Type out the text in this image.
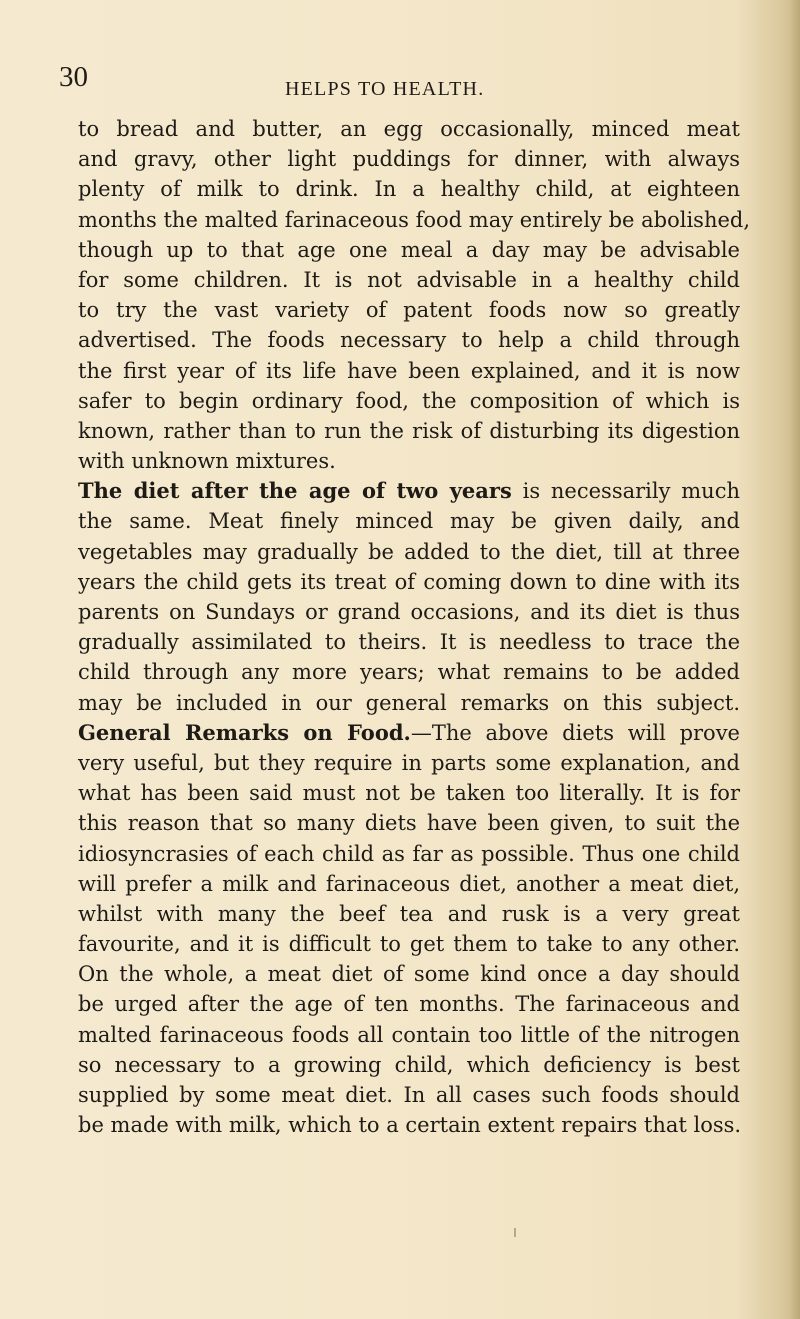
30	HELPS TO HEALTH.
to bread and butter, an egg occasionally, minced meat
and gravy, other light puddings for dinner, with always
plenty of milk to drink. In a healthy child, at eighteen
months the malted farinaceous food may entirely be abolished,
though up to that age one meal a day may be advisable
for some children. It is not advisable in a healthy child
to try the vast variety of patent foods now so greatly
advertised. The foods necessary to help a child through
the first year of its life have been explained, and it is now
safer to begin ordinary food, the composition of which is
known, rather than to run the risk of disturbing its digestion
with unknown mixtures.
The diet after the age of two years is necessarily much
the same. Meat finely minced may be given daily, and
vegetables may gradually be added to the diet, till at three
years the child gets its treat of coming down to dine with its
parents on Sundays or grand occasions, and its diet is thus
gradually assimilated to theirs. It is needless to trace the
child through any more years; what remains to be added
may be included in our general remarks on this subject.
General Remarks on Food.—The above diets will prove
very useful, but they require in parts some explanation, and
what has been said must not be taken too literally. It is for
this reason that so many diets have been given, to suit the
idiosyncrasies of each child as far as possible. Thus one child
will prefer a milk and farinaceous diet, another a meat diet,
whilst with many the beef tea and rusk is a very great
favourite, and it is difficult to get them to take to any other.
On the whole, a meat diet of some kind once a day should
be urged after the age of ten months. The farinaceous and
malted farinaceous foods all contain too little of the nitrogen
so necessary to a growing child, which deficiency is best
supplied by some meat diet. In all cases such foods should
be made with milk, which to a certain extent repairs that loss.
